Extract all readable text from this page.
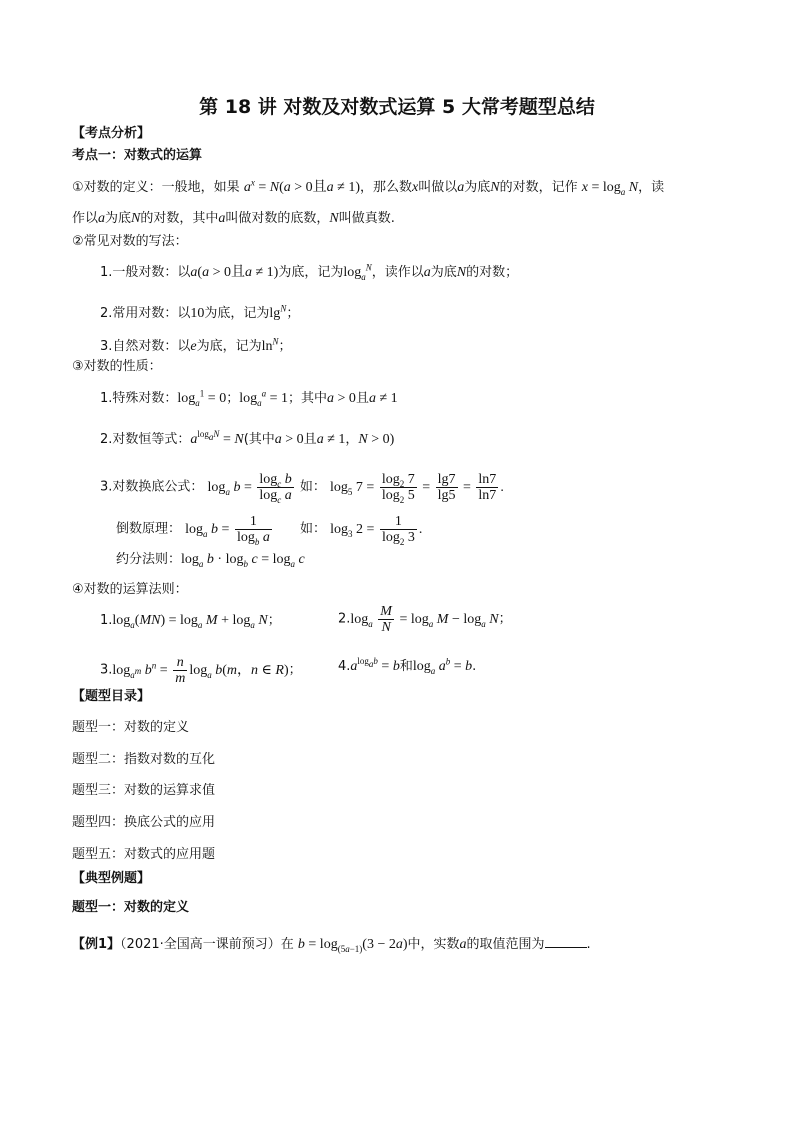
第 18 讲 对数及对数式运算 5 大常考题型总结
【考点分析】
考点一：对数式的运算
①对数的定义：一般地，如果 $a^x = N(a > 0$且a ≠ 1)，那么数x叫做以a为底N的对数，记作 $x = \log_a N$，读
作以a为底N的对数，其中a叫做对数的底数，N叫做真数.
②常见对数的写法：
1.一般对数：以a(a > 0且a ≠ 1)为底，记为$\log_a^N$，读作以a为底N的对数；
2.常用对数：以10为底，记为$\lg^N$；
3.自然对数：以e为底，记为$\ln^N$；
③对数的性质：
1.特殊对数：$\log_a^1 = 0$；$\log_a^a = 1$；其中a > 0且a ≠ 1
2.对数恒等式：$a^{log_aN} = N$(其中a > 0且a ≠ 1，N > 0)
3.对数换底公式： $\log_a b = \frac{\log_c b}{\log_c a}$ 如： $\log_5 7 = \frac{\log_2 7}{\log_2 5} = \frac{\lg 7}{\lg 5} = \frac{\ln 7}{\ln 7}$ .
倒数原理： $\log_a b = \frac{1}{\log_b a}$ 如： $\log_3 2 = \frac{1}{\log_2 3}$ .
约分法则：$\log_a b \cdot \log_b c = \log_a c$
④对数的运算法则：
$1.\log_a(MN) = \log_a M + \log_a N$；	$2.\log_a \frac{M}{N} = \log_a M - \log_a N$；
$3.\log_{a^m}$ $b^n = \frac{n}{m} \log_a b(m$，n ∈ R)；	$4.a^{log_ab} = b$和$\log_a a^b = b$.
【题型目录】
题型一：对数的定义
题型二：指数对数的互化
题型三：对数的运算求值
题型四：换底公式的应用
题型五：对数式的应用题
【典型例题】
题型一：对数的定义
【例1】（2021·全国高一课前预习）在 $b = \log_{(5a-1)}(3 - 2a)$中，实数a的取值范围为	.
